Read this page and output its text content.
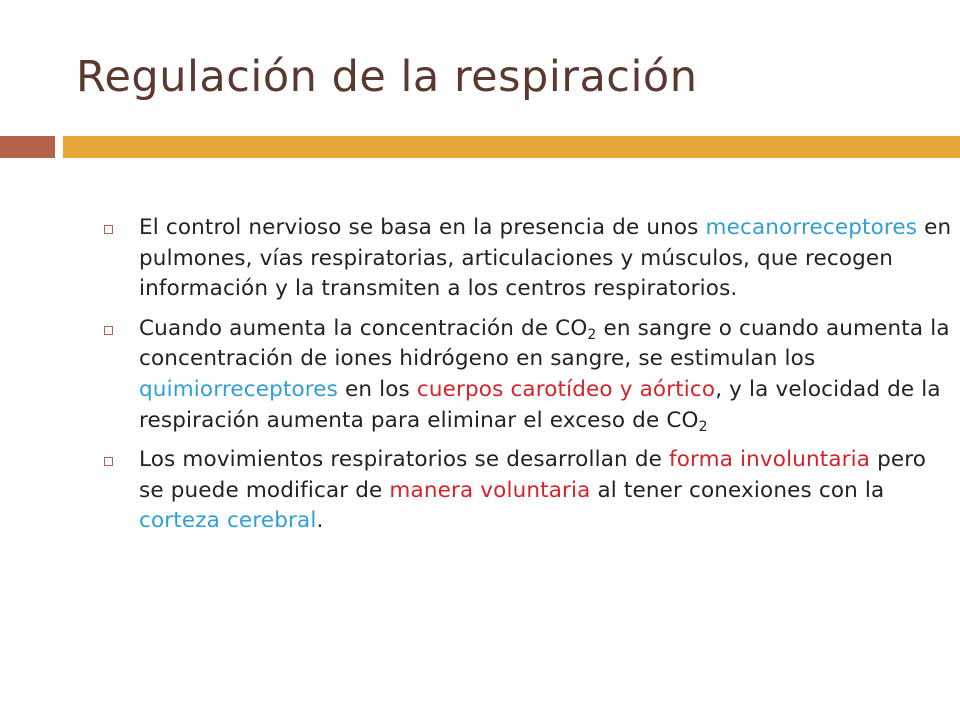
Regulación de la respiración
El control nervioso se basa en la presencia de unos mecanorreceptores en pulmones, vías respiratorias, articulaciones y músculos, que recogen información y la transmiten a los centros respiratorios.
Cuando aumenta la concentración de $CO_2$ en sangre o cuando aumenta la concentración de iones hidrógeno en sangre, se estimulan los quimiorreceptores en los cuerpos carotídeo y aórtico, y la velocidad de la respiración aumenta para eliminar el exceso de $CO_2$
Los movimientos respiratorios se desarrollan de forma involuntaria pero se puede modificar de manera voluntaria al tener conexiones con la corteza cerebral.
